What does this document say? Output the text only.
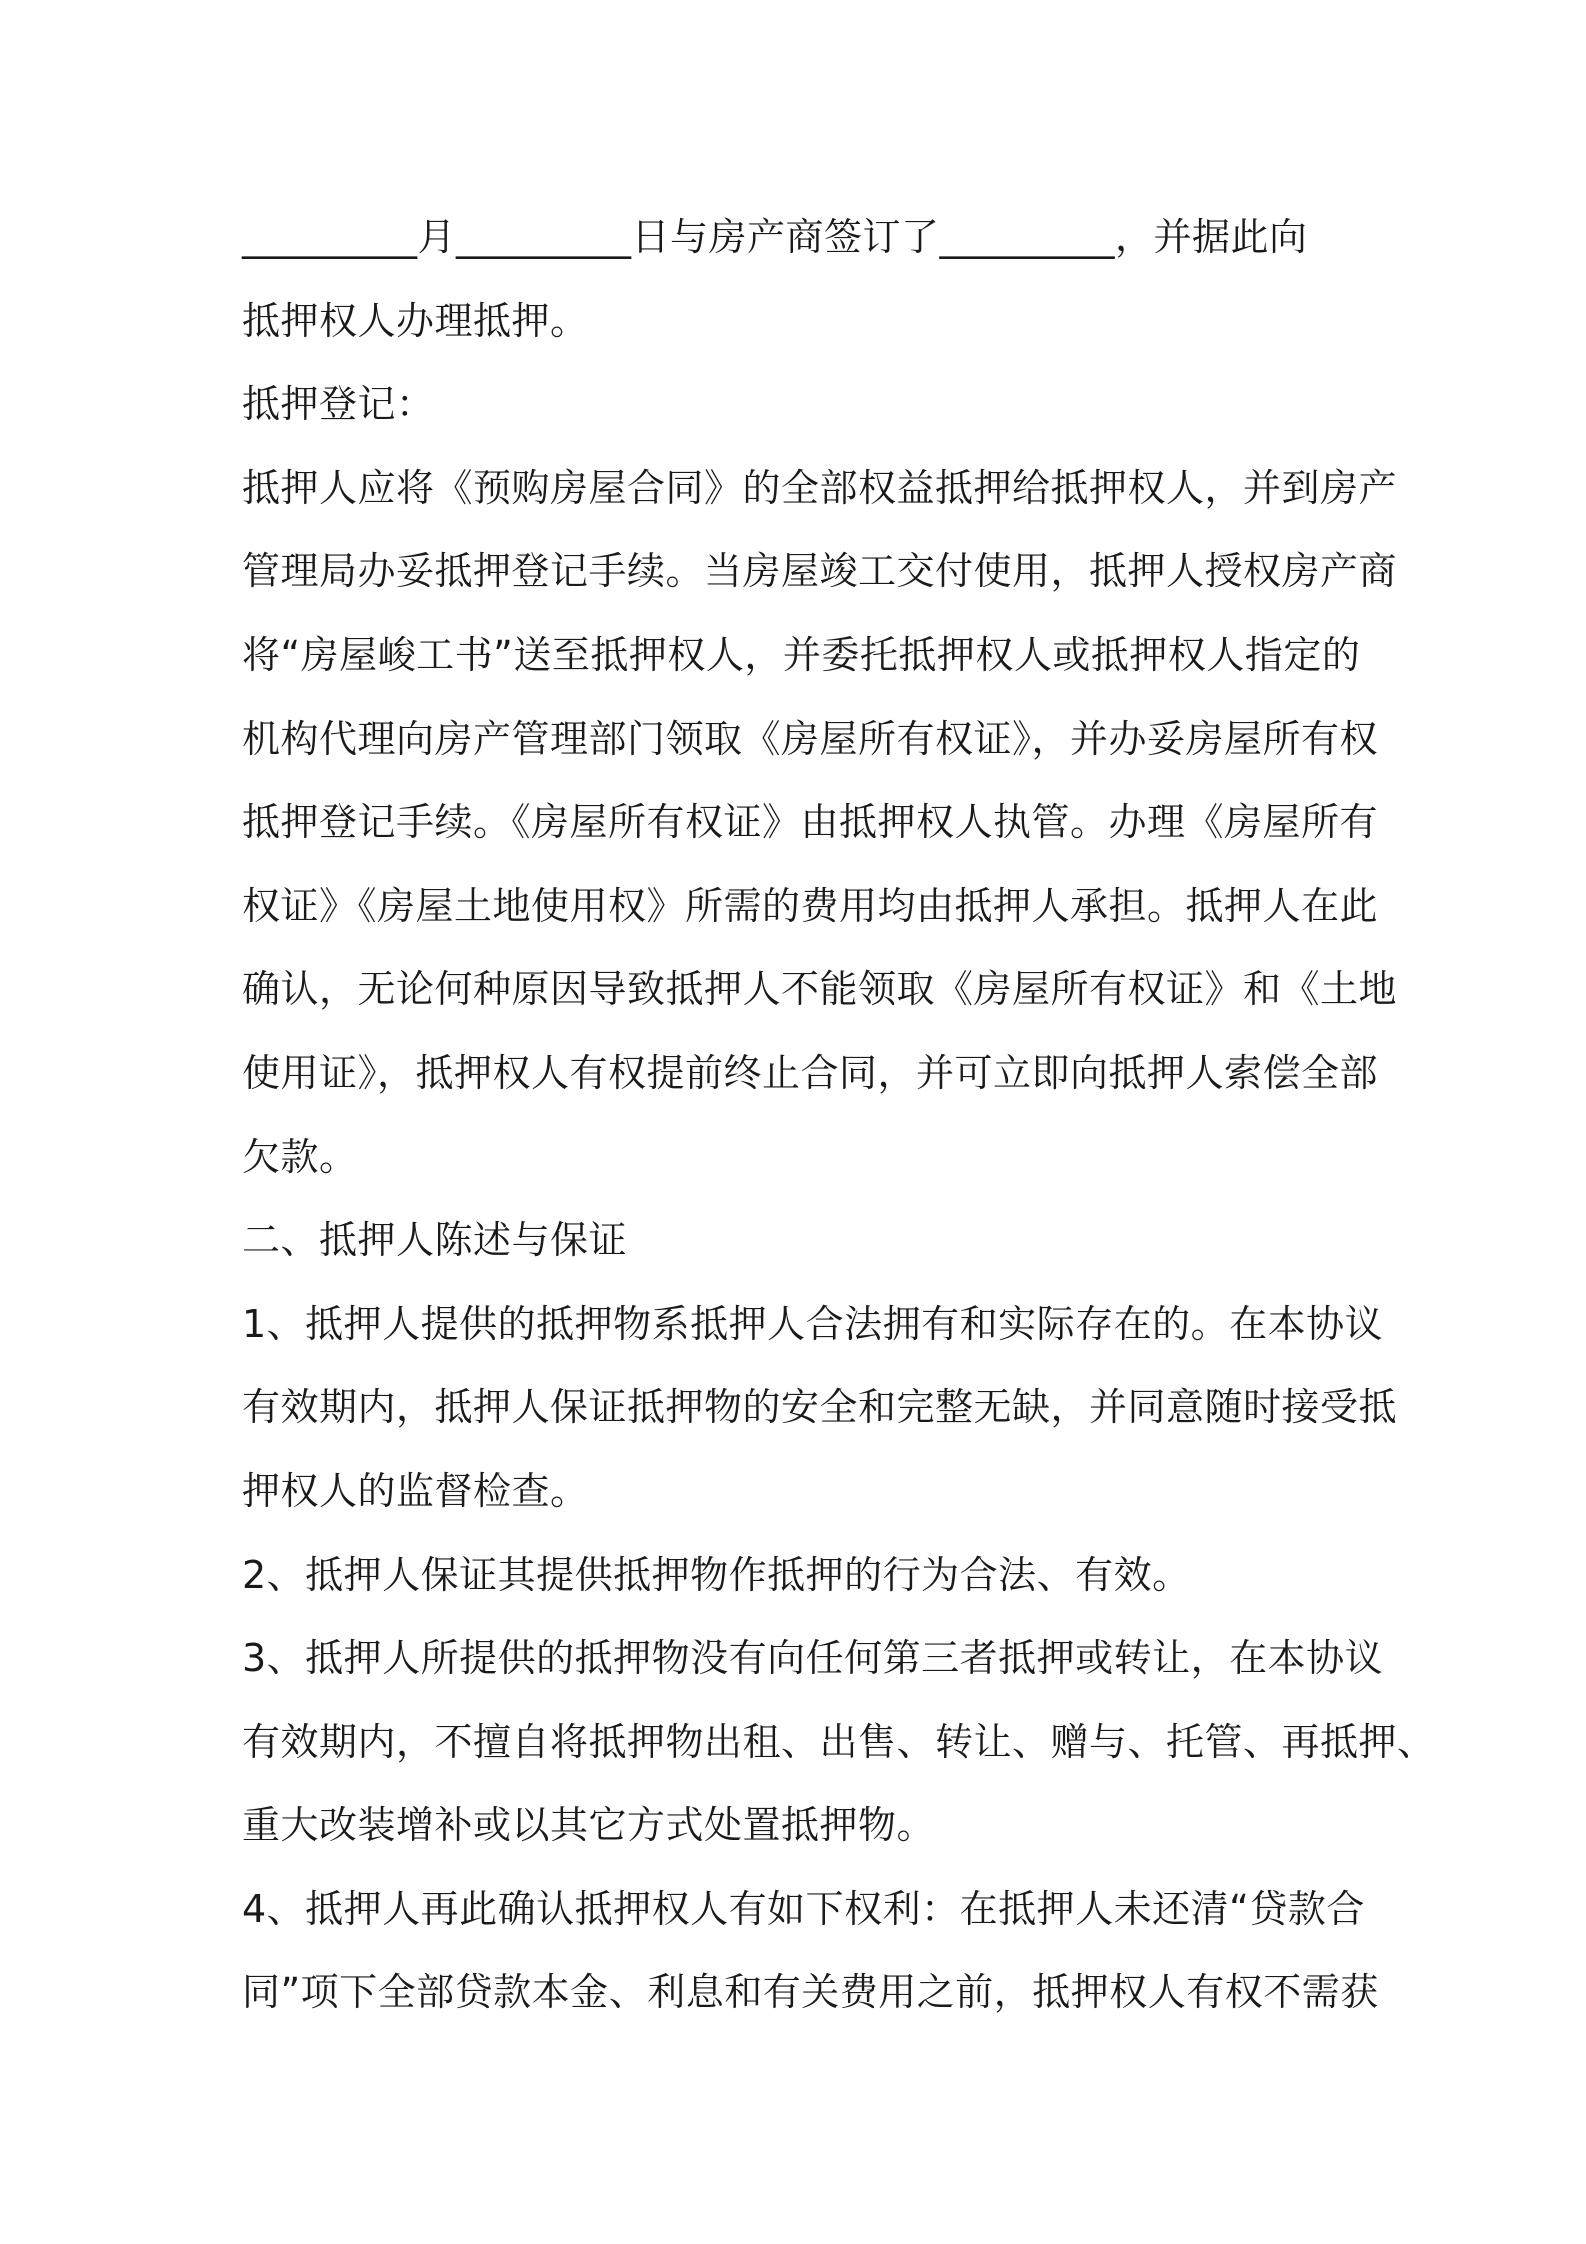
_________月_________日与房产商签订了_________，并据此向
抵押权人办理抵押。
抵押登记：
抵押人应将《预购房屋合同》的全部权益抵押给抵押权人，并到房产
管理局办妥抵押登记手续。当房屋竣工交付使用，抵押人授权房产商
将“房屋峻工书”送至抵押权人，并委托抵押权人或抵押权人指定的
机构代理向房产管理部门领取《房屋所有权证》，并办妥房屋所有权
抵押登记手续。《房屋所有权证》由抵押权人执管。办理《房屋所有
权证》《房屋土地使用权》所需的费用均由抵押人承担。抵押人在此
确认，无论何种原因导致抵押人不能领取《房屋所有权证》和《土地
使用证》，抵押权人有权提前终止合同，并可立即向抵押人索偿全部
欠款。
二、抵押人陈述与保证
1、抵押人提供的抵押物系抵押人合法拥有和实际存在的。在本协议
有效期内，抵押人保证抵押物的安全和完整无缺，并同意随时接受抵
押权人的监督检查。
2、抵押人保证其提供抵押物作抵押的行为合法、有效。
3、抵押人所提供的抵押物没有向任何第三者抵押或转让，在本协议
有效期内，不擅自将抵押物出租、出售、转让、赠与、托管、再抵押、
重大改装增补或以其它方式处置抵押物。
4、抵押人再此确认抵押权人有如下权利：在抵押人未还清“贷款合
同”项下全部贷款本金、利息和有关费用之前，抵押权人有权不需获
